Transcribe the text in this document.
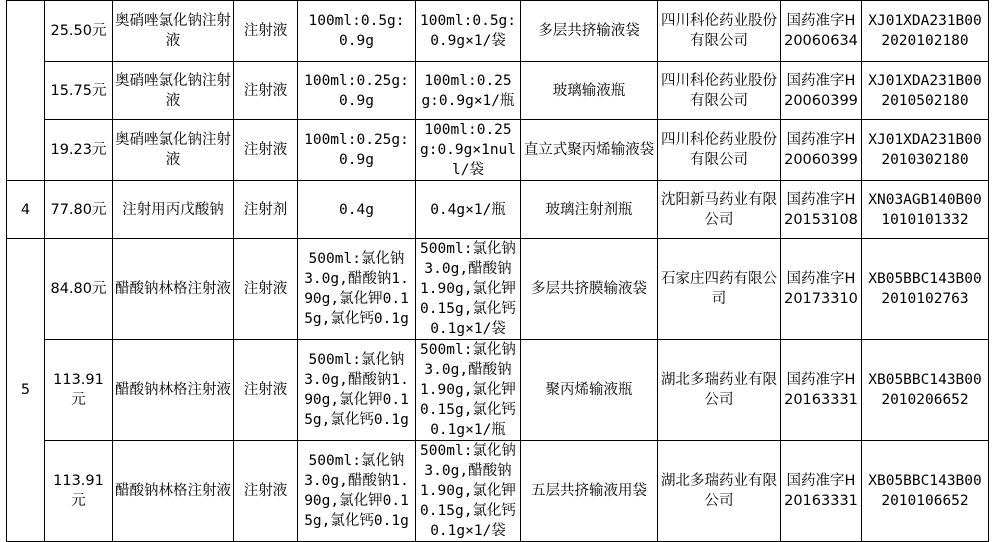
	25.50元	奥硝唑氯化钠注射液	注射液	100ml:0.5g:0.9g	100ml:0.5g:0.9g×1/袋	多层共挤输液袋	四川科伦药业股份有限公司	国药准字H20060634	XJ01XDA231B002020102180
	15.75元	奥硝唑氯化钠注射液	注射液	100ml:0.25g:0.9g	100ml:0.25g:0.9g×1/瓶	玻璃输液瓶	四川科伦药业股份有限公司	国药准字H20060399	XJ01XDA231B002010502180
	19.23元	奥硝唑氯化钠注射液	注射液	100ml:0.25g:0.9g	100ml:0.25g:0.9g×1null/袋	直立式聚丙烯输液袋	四川科伦药业股份有限公司	国药准字H20060399	XJ01XDA231B002010302180
4	77.80元	注射用丙戊酸钠	注射剂	0.4g	0.4g×1/瓶	玻璃注射剂瓶	沈阳新马药业有限公司	国药准字H20153108	XN03AGB140B001010101332
5	84.80元	醋酸钠林格注射液	注射液	500ml:氯化钠3.0g,醋酸钠1.90g,氯化钾0.15g,氯化钙0.1g	500ml:氯化钠3.0g,醋酸钠1.90g,氯化钾0.15g,氯化钙0.1g×1/袋	多层共挤膜输液袋	石家庄四药有限公司	国药准字H20173310	XB05BBC143B002010102763
	113.91元	醋酸钠林格注射液	注射液	500ml:氯化钠3.0g,醋酸钠1.90g,氯化钾0.15g,氯化钙0.1g	500ml:氯化钠3.0g,醋酸钠1.90g,氯化钾0.15g,氯化钙0.1g×1/瓶	聚丙烯输液瓶	湖北多瑞药业有限公司	国药准字H20163331	XB05BBC143B002010206652
	113.91元	醋酸钠林格注射液	注射液	500ml:氯化钠3.0g,醋酸钠1.90g,氯化钾0.15g,氯化钙0.1g	500ml:氯化钠3.0g,醋酸钠1.90g,氯化钾0.15g,氯化钙0.1g×1/袋	五层共挤输液用袋	湖北多瑞药业有限公司	国药准字H20163331	XB05BBC143B002010106652
